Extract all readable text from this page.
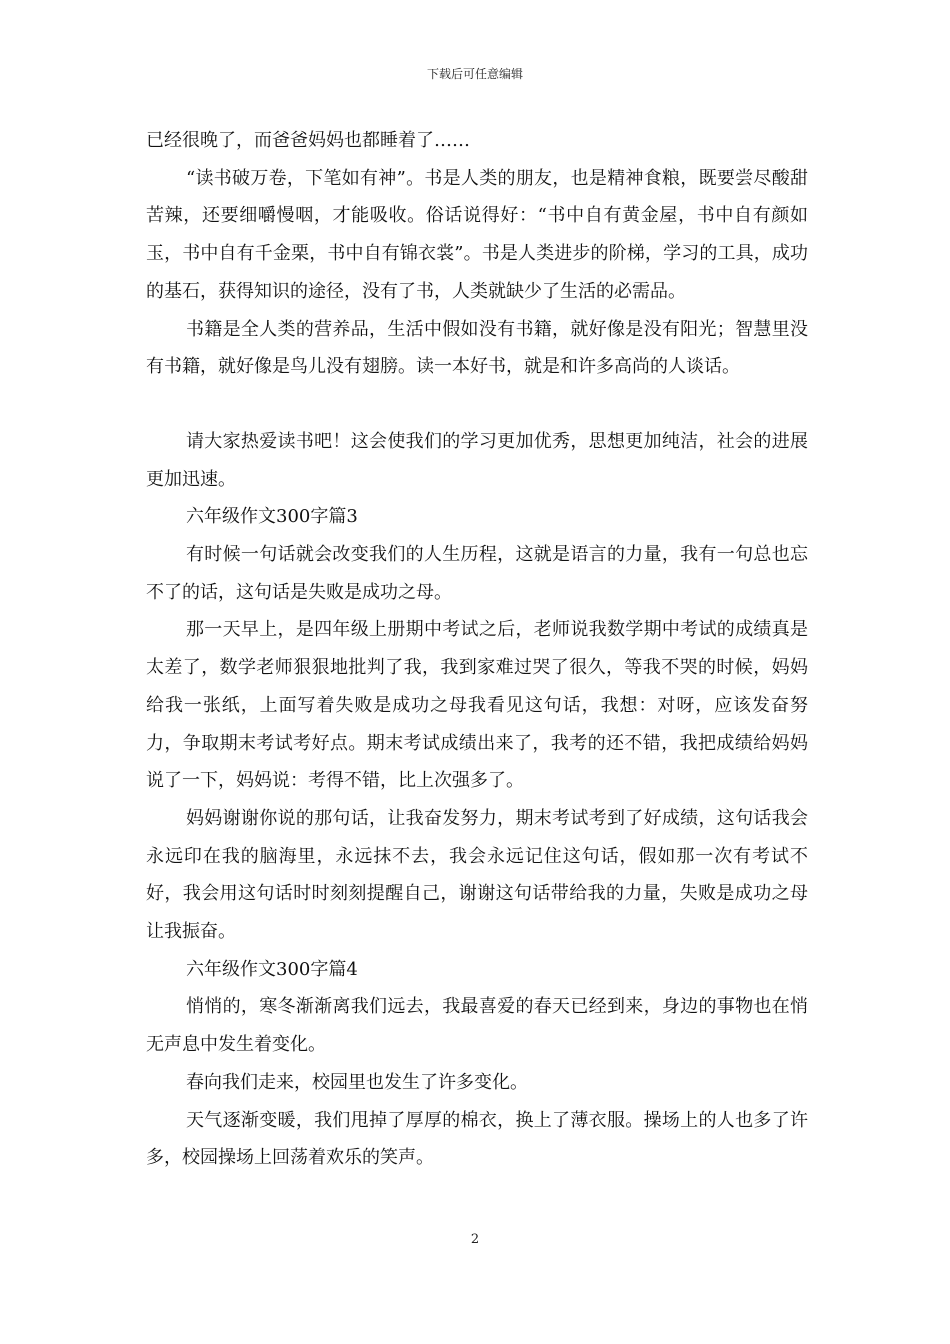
下载后可任意编辑

已经很晚了，而爸爸妈妈也都睡着了……

“读书破万卷，下笔如有神”。书是人类的朋友，也是精神食粮，既要尝尽酸甜苦辣，还要细嚼慢咽，才能吸收。俗话说得好：“书中自有黄金屋，书中自有颜如玉，书中自有千金栗，书中自有锦衣裳”。书是人类进步的阶梯，学习的工具，成功的基石，获得知识的途径，没有了书，人类就缺少了生活的必需品。

书籍是全人类的营养品，生活中假如没有书籍，就好像是没有阳光；智慧里没有书籍，就好像是鸟儿没有翅膀。读一本好书，就是和许多高尚的人谈话。

请大家热爱读书吧！这会使我们的学习更加优秀，思想更加纯洁，社会的进展更加迅速。

六年级作文300字篇3

有时候一句话就会改变我们的人生历程，这就是语言的力量，我有一句总也忘不了的话，这句话是失败是成功之母。

那一天早上，是四年级上册期中考试之后，老师说我数学期中考试的成绩真是太差了，数学老师狠狠地批判了我，我到家难过哭了很久，等我不哭的时候，妈妈给我一张纸，上面写着失败是成功之母我看见这句话，我想：对呀，应该发奋努力，争取期末考试考好点。期末考试成绩出来了，我考的还不错，我把成绩给妈妈说了一下，妈妈说：考得不错，比上次强多了。

妈妈谢谢你说的那句话，让我奋发努力，期末考试考到了好成绩，这句话我会永远印在我的脑海里，永远抹不去，我会永远记住这句话，假如那一次有考试不好，我会用这句话时时刻刻提醒自己，谢谢这句话带给我的力量，失败是成功之母让我振奋。

六年级作文300字篇4

悄悄的，寒冬渐渐离我们远去，我最喜爱的春天已经到来，身边的事物也在悄无声息中发生着变化。

春向我们走来，校园里也发生了许多变化。

天气逐渐变暖，我们甩掉了厚厚的棉衣，换上了薄衣服。操场上的人也多了许多，校园操场上回荡着欢乐的笑声。

2
